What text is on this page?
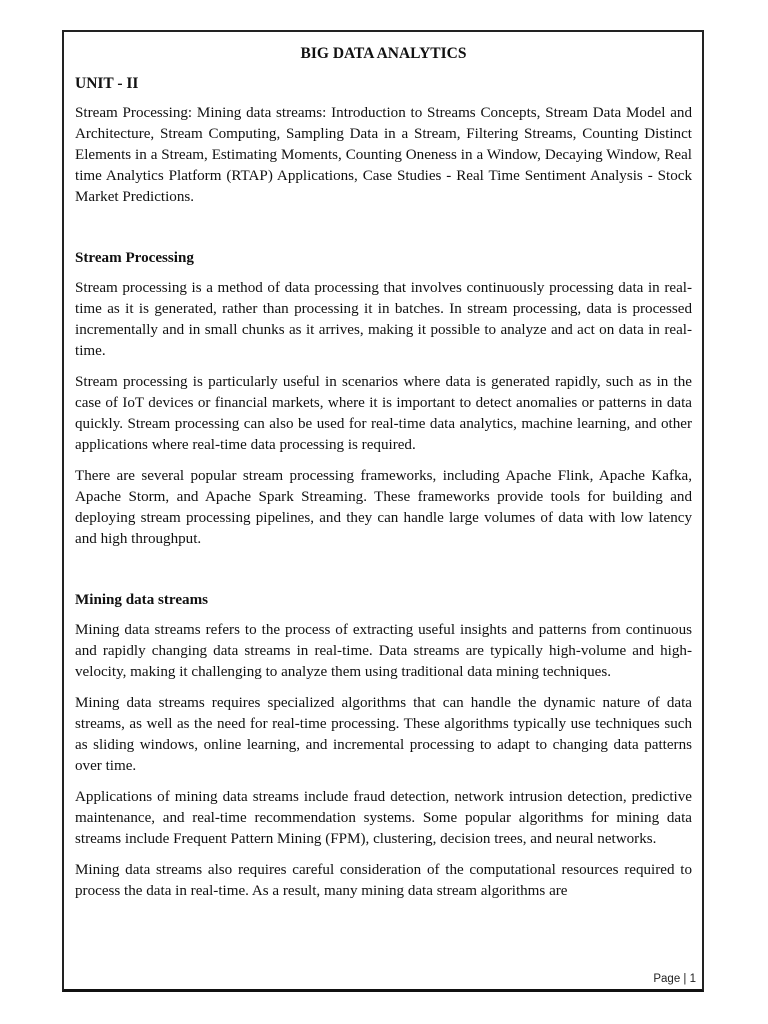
BIG DATA ANALYTICS
UNIT - II

Stream Processing: Mining data streams: Introduction to Streams Concepts, Stream Data Model and Architecture, Stream Computing, Sampling Data in a Stream, Filtering Streams, Counting Distinct Elements in a Stream, Estimating Moments, Counting Oneness in a Window, Decaying Window, Real time Analytics Platform (RTAP) Applications, Case Studies - Real Time Sentiment Analysis - Stock Market Predictions.

Stream Processing

Stream processing is a method of data processing that involves continuously processing data in real-time as it is generated, rather than processing it in batches. In stream processing, data is processed incrementally and in small chunks as it arrives, making it possible to analyze and act on data in real-time.

Stream processing is particularly useful in scenarios where data is generated rapidly, such as in the case of IoT devices or financial markets, where it is important to detect anomalies or patterns in data quickly. Stream processing can also be used for real-time data analytics, machine learning, and other applications where real-time data processing is required.

There are several popular stream processing frameworks, including Apache Flink, Apache Kafka, Apache Storm, and Apache Spark Streaming. These frameworks provide tools for building and deploying stream processing pipelines, and they can handle large volumes of data with low latency and high throughput.

Mining data streams

Mining data streams refers to the process of extracting useful insights and patterns from continuous and rapidly changing data streams in real-time. Data streams are typically high-volume and high-velocity, making it challenging to analyze them using traditional data mining techniques.

Mining data streams requires specialized algorithms that can handle the dynamic nature of data streams, as well as the need for real-time processing. These algorithms typically use techniques such as sliding windows, online learning, and incremental processing to adapt to changing data patterns over time.

Applications of mining data streams include fraud detection, network intrusion detection, predictive maintenance, and real-time recommendation systems. Some popular algorithms for mining data streams include Frequent Pattern Mining (FPM), clustering, decision trees, and neural networks.

Mining data streams also requires careful consideration of the computational resources required to process the data in real-time. As a result, many mining data stream algorithms are

Page | 1
